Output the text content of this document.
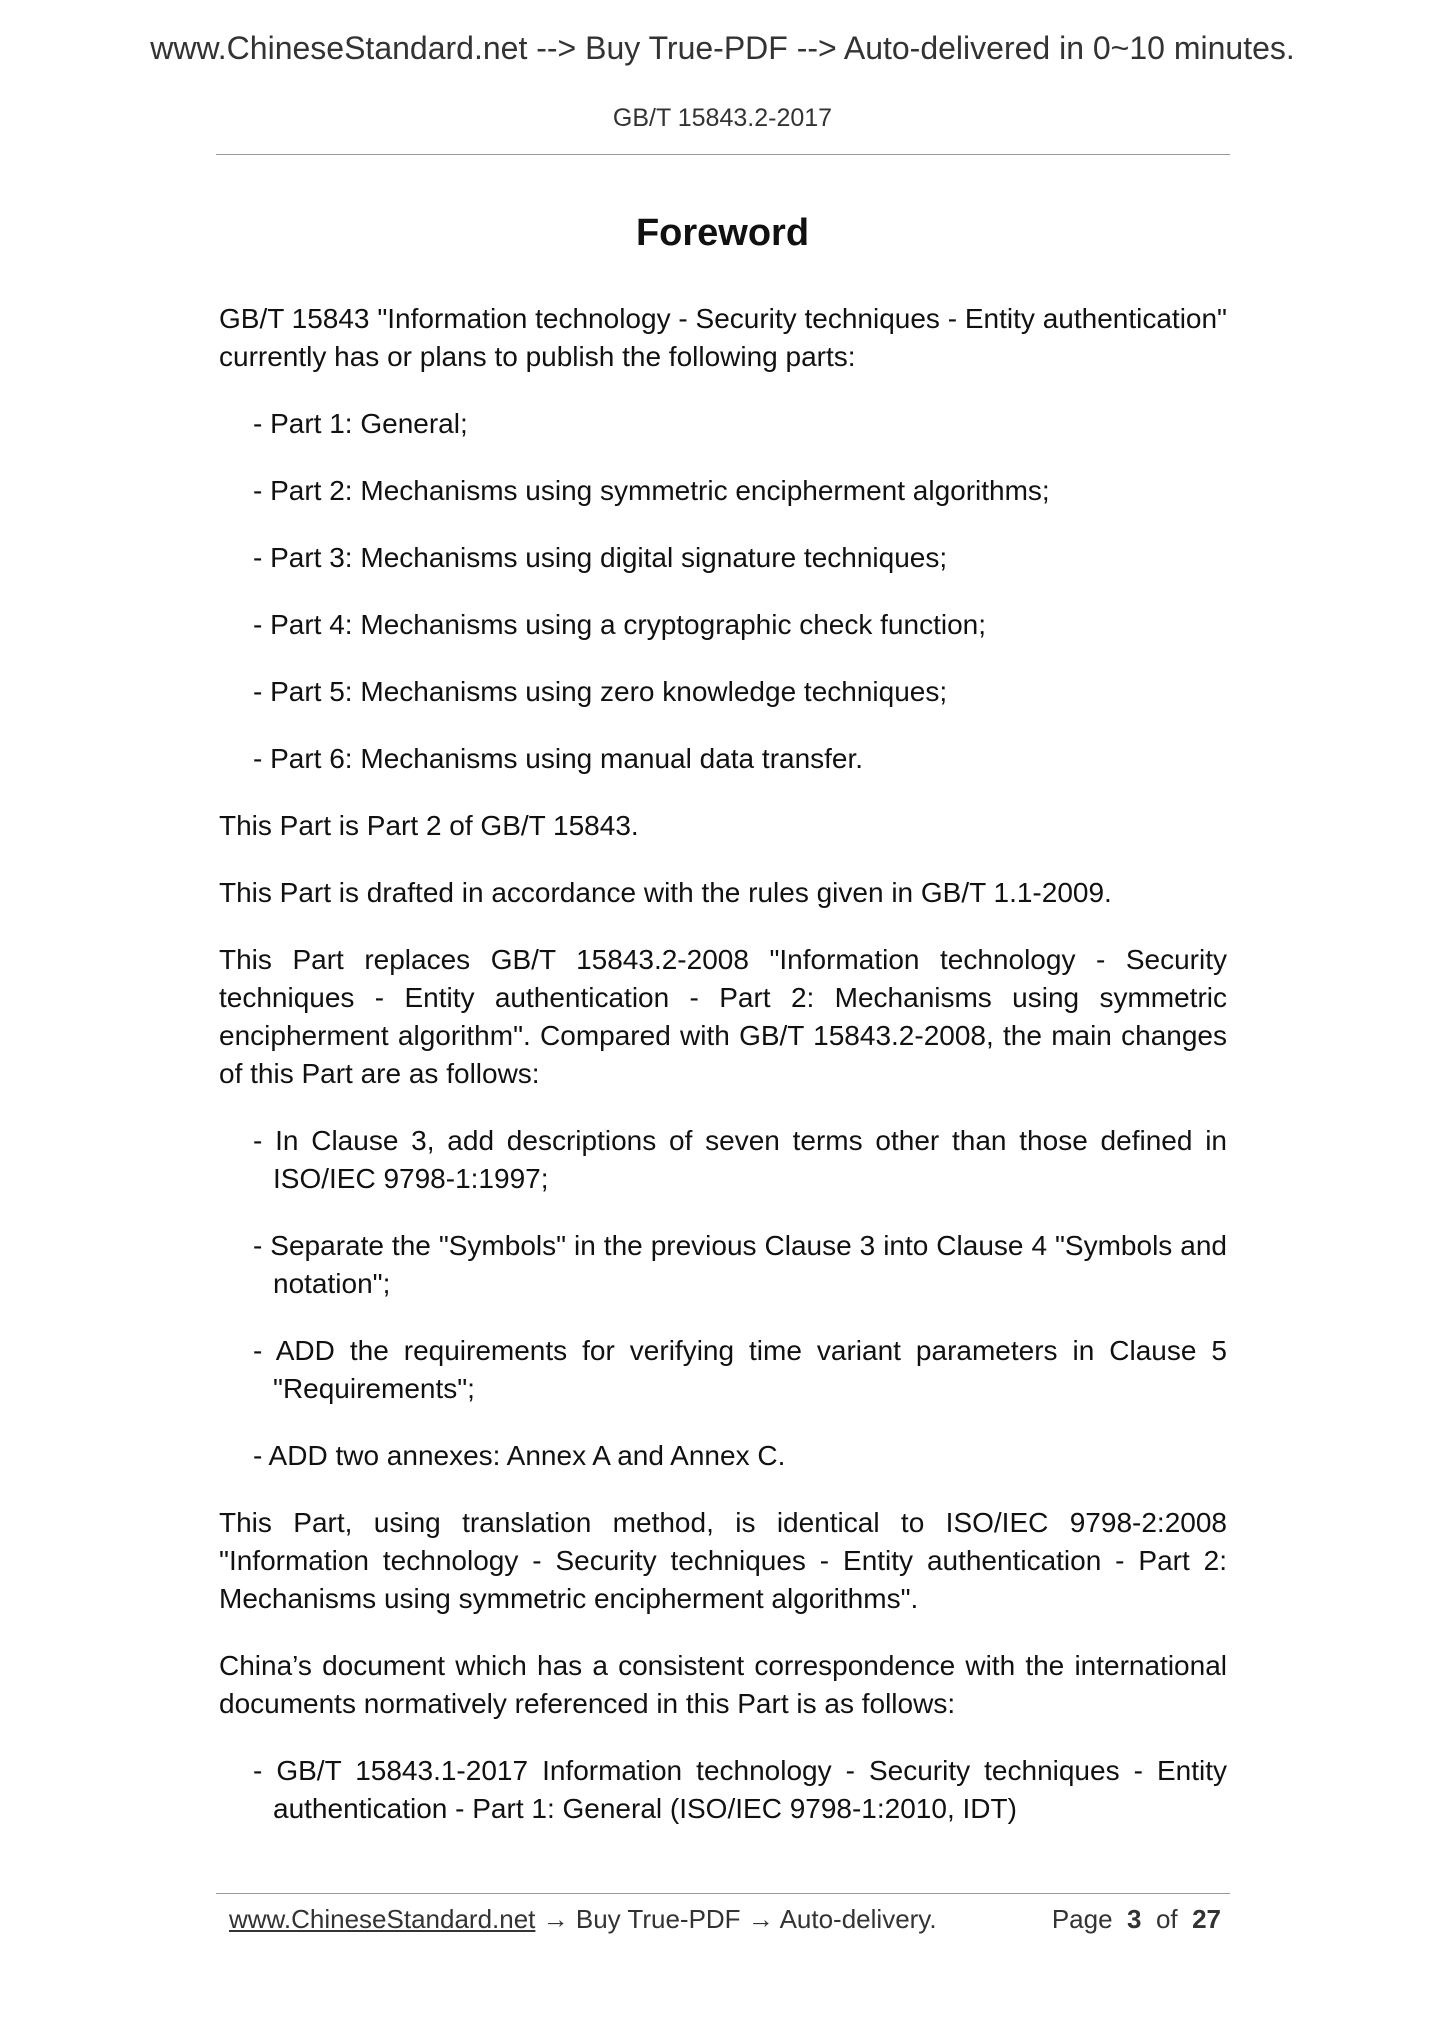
www.ChineseStandard.net --> Buy True-PDF --> Auto-delivered in 0~10 minutes.
GB/T 15843.2-2017
Foreword

GB/T 15843 "Information technology - Security techniques - Entity authentication" currently has or plans to publish the following parts:

- Part 1: General;
- Part 2: Mechanisms using symmetric encipherment algorithms;
- Part 3: Mechanisms using digital signature techniques;
- Part 4: Mechanisms using a cryptographic check function;
- Part 5: Mechanisms using zero knowledge techniques;
- Part 6: Mechanisms using manual data transfer.

This Part is Part 2 of GB/T 15843.

This Part is drafted in accordance with the rules given in GB/T 1.1-2009.

This Part replaces GB/T 15843.2-2008 "Information technology - Security techniques - Entity authentication - Part 2: Mechanisms using symmetric encipherment algorithm". Compared with GB/T 15843.2-2008, the main changes of this Part are as follows:

- In Clause 3, add descriptions of seven terms other than those defined in ISO/IEC 9798-1:1997;
- Separate the "Symbols" in the previous Clause 3 into Clause 4 "Symbols and notation";
- ADD the requirements for verifying time variant parameters in Clause 5 "Requirements";
- ADD two annexes: Annex A and Annex C.

This Part, using translation method, is identical to ISO/IEC 9798-2:2008 "Information technology - Security techniques - Entity authentication - Part 2: Mechanisms using symmetric encipherment algorithms".

China’s document which has a consistent correspondence with the international documents normatively referenced in this Part is as follows:

- GB/T 15843.1-2017 Information technology - Security techniques - Entity authentication - Part 1: General (ISO/IEC 9798-1:2010, IDT)
www.ChineseStandard.net → Buy True-PDF → Auto-delivery.	Page 3 of 27
